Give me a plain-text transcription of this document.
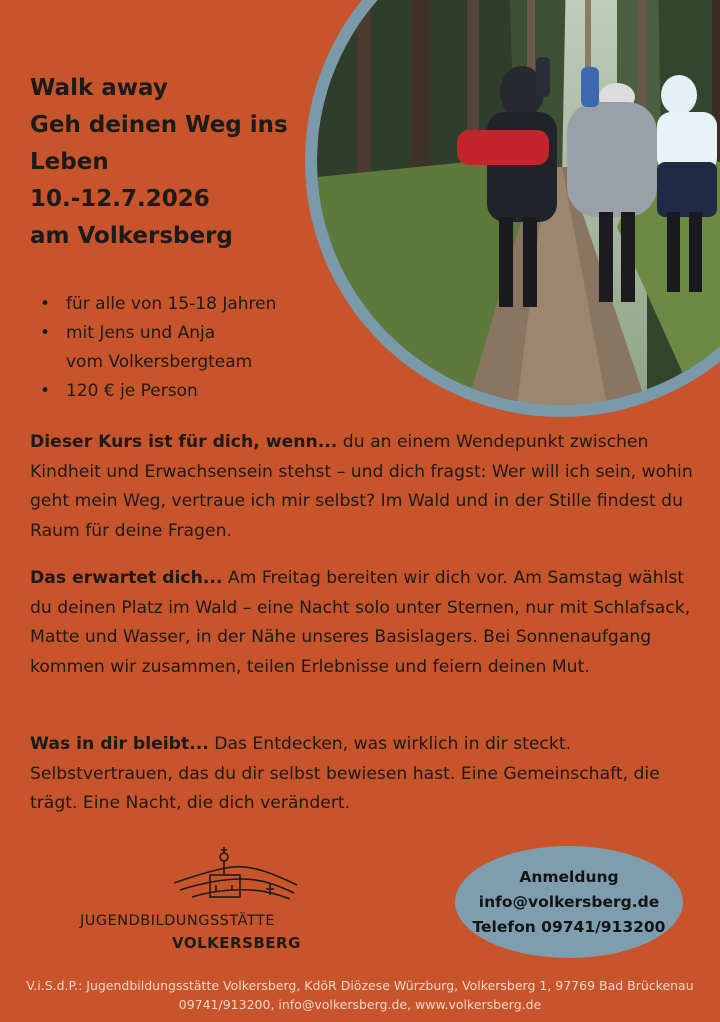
Walk away
Geh deinen Weg ins
Leben
10.-12.7.2026
am Volkersberg
• für alle von 15-18 Jahren
• mit Jens und Anja
vom Volkersbergteam
• 120 € je Person

Dieser Kurs ist für dich, wenn... du an einem Wendepunkt zwischen Kindheit und Erwachsensein stehst – und dich fragst: Wer will ich sein, wohin geht mein Weg, vertraue ich mir selbst? Im Wald und in der Stille findest du Raum für deine Fragen.

Das erwartet dich... Am Freitag bereiten wir dich vor. Am Samstag wählst du deinen Platz im Wald – eine Nacht solo unter Sternen, nur mit Schlafsack, Matte und Wasser, in der Nähe unseres Basislagers. Bei Sonnenaufgang kommen wir zusammen, teilen Erlebnisse und feiern deinen Mut.

Was in dir bleibt... Das Entdecken, was wirklich in dir steckt. Selbstvertrauen, das du dir selbst bewiesen hast. Eine Gemeinschaft, die trägt. Eine Nacht, die dich verändert.

JUGENDBILDUNGSSTÄTTE
VOLKERSBERG
Anmeldung
info@volkersberg.de
Telefon 09741/913200
V.i.S.d.P.: Jugendbildungsstätte Volkersberg, KdöR Diözese Würzburg, Volkersberg 1, 97769 Bad Brückenau
09741/913200, info@volkersberg.de, www.volkersberg.de
